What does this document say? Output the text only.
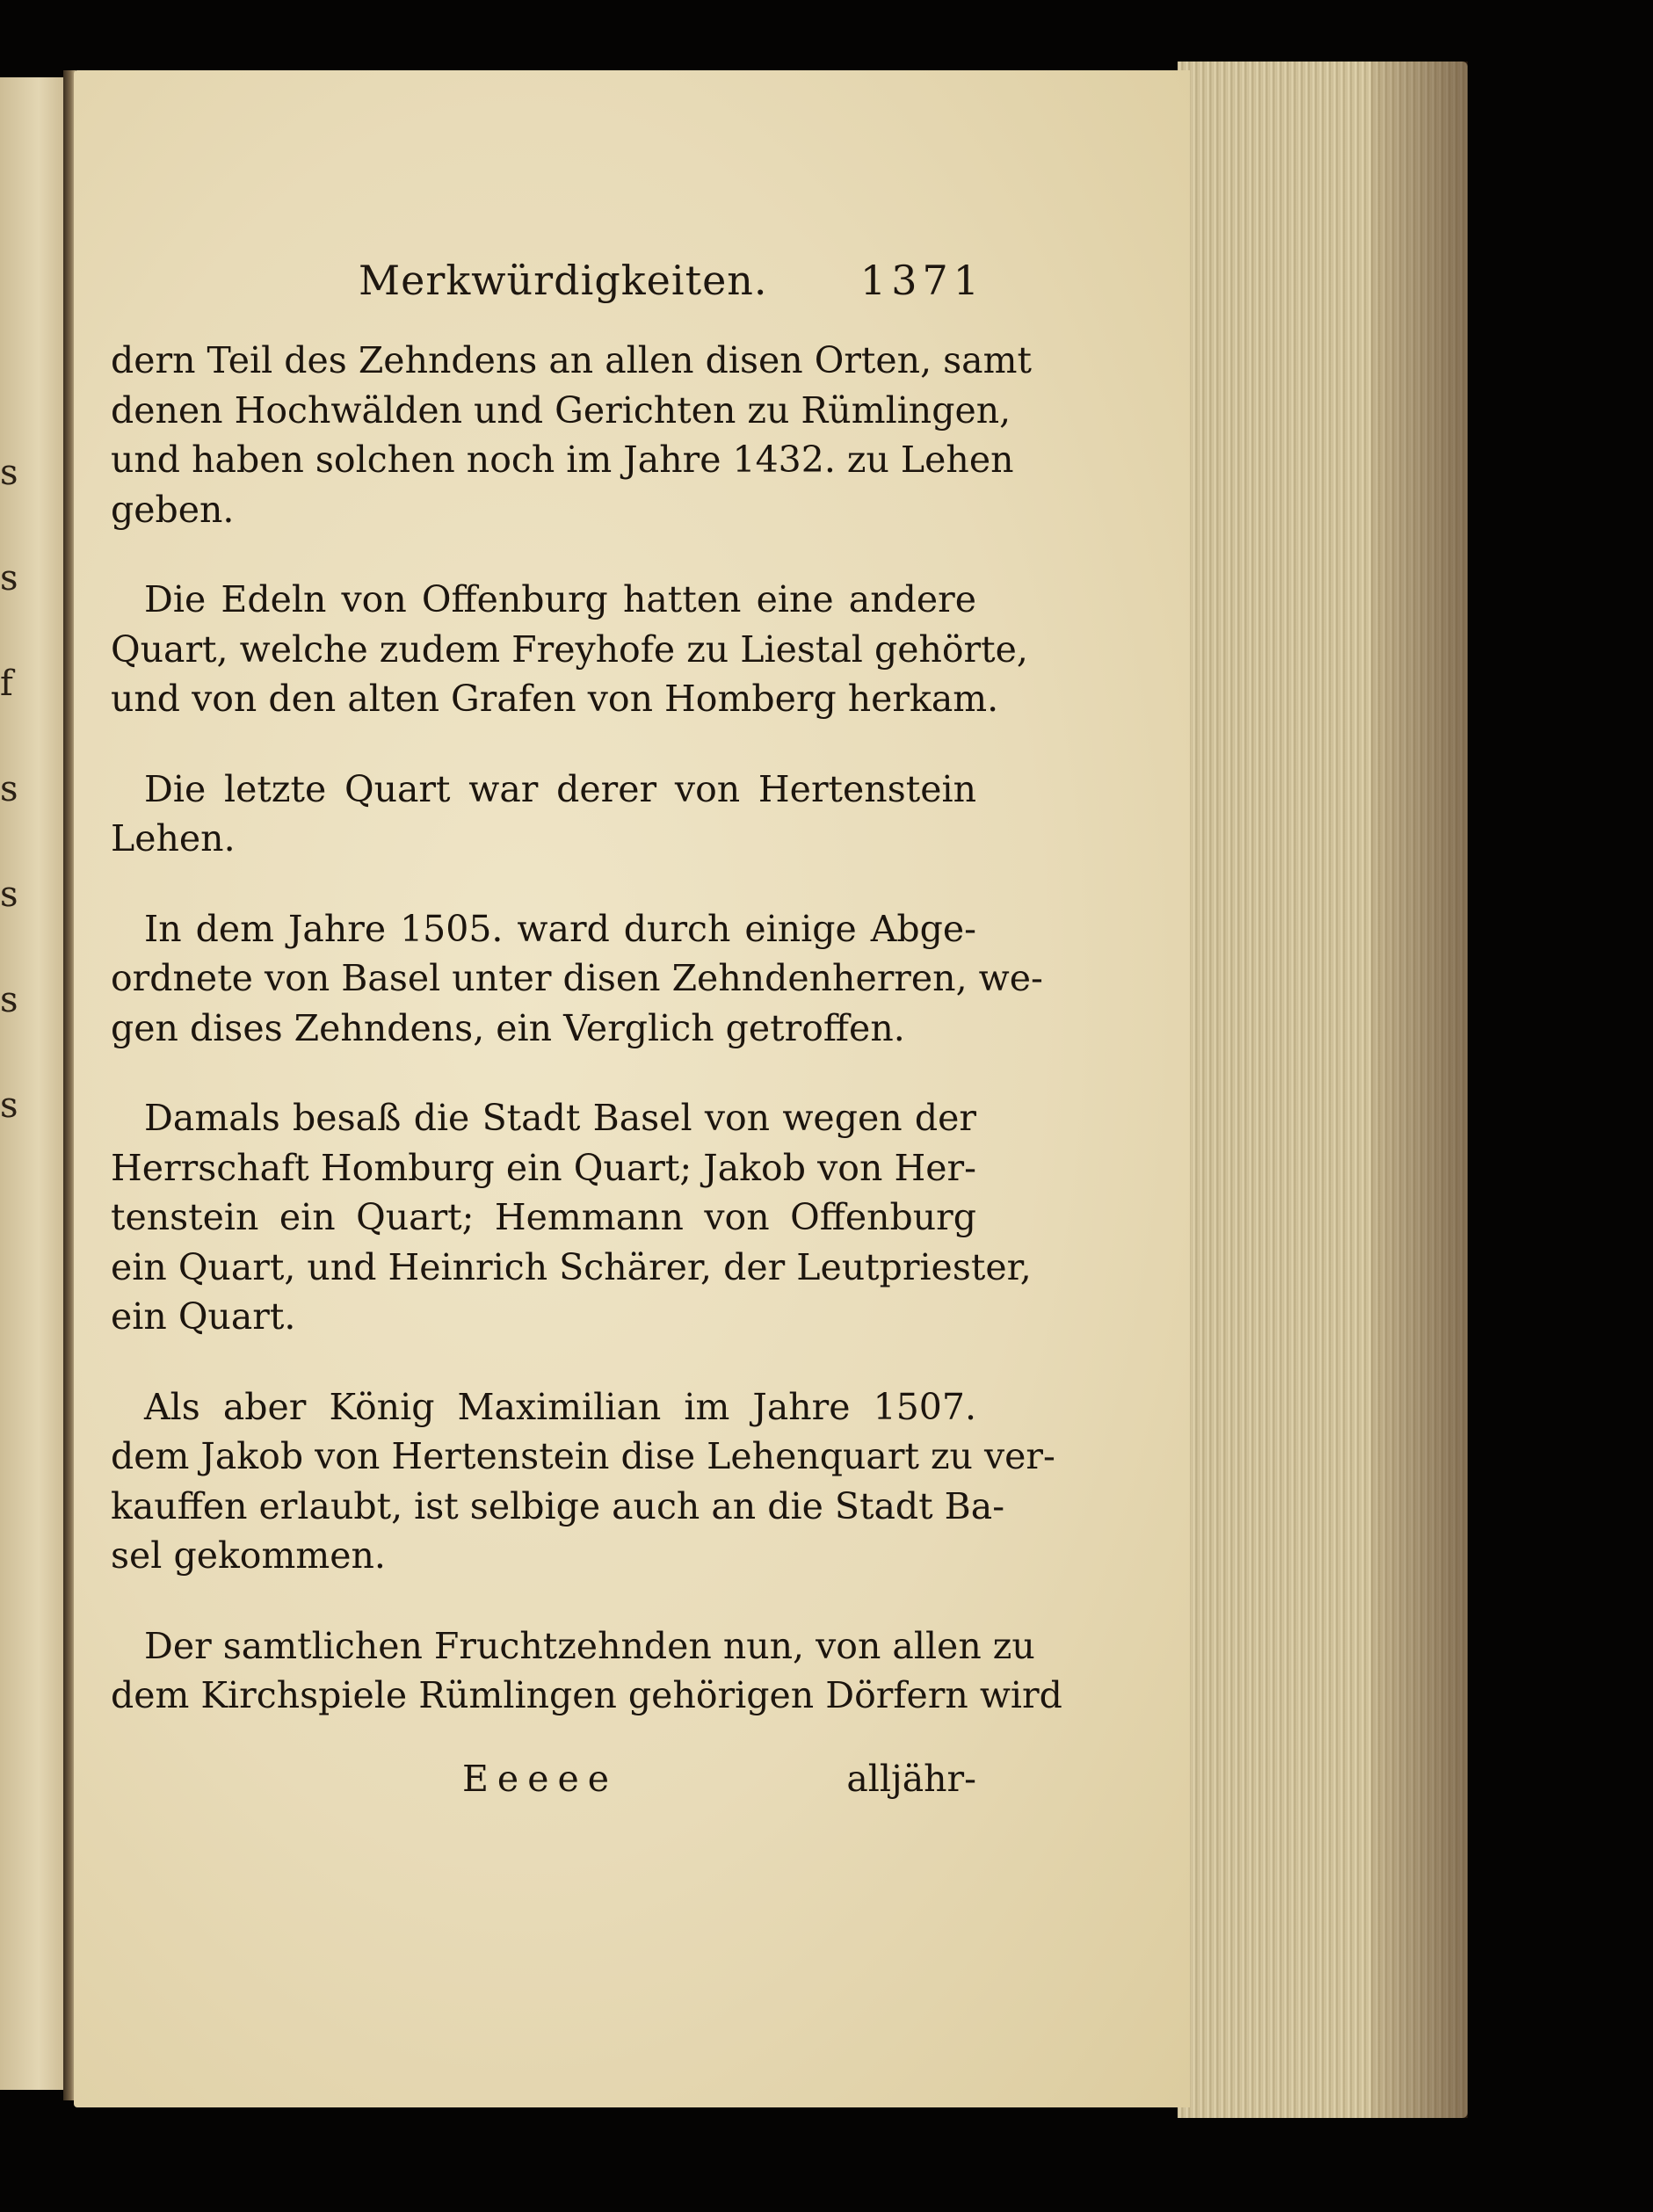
s
s
f
s
s
s
s
Merkwürdigkeiten. 1371
dern Teil des Zehndens an allen disen Orten, samt
denen Hochwälden und Gerichten zu Rümlingen,
und haben solchen noch im Jahre 1432. zu Lehen
geben.
Die Edeln von Offenburg hatten eine andere
Quart, welche zudem Freyhofe zu Liestal gehörte,
und von den alten Grafen von Homberg herkam.
Die letzte Quart war derer von Hertenstein
Lehen.
In dem Jahre 1505. ward durch einige Abge-
ordnete von Basel unter disen Zehndenherren, we-
gen dises Zehndens, ein Verglich getroffen.
Damals besaß die Stadt Basel von wegen der
Herrschaft Homburg ein Quart; Jakob von Her-
tenstein ein Quart; Hemmann von Offenburg
ein Quart, und Heinrich Schärer, der Leutpriester,
ein Quart.
Als aber König Maximilian im Jahre 1507.
dem Jakob von Hertenstein dise Lehenquart zu ver-
kauffen erlaubt, ist selbige auch an die Stadt Ba-
sel gekommen.
Der samtlichen Fruchtzehnden nun, von allen zu
dem Kirchspiele Rümlingen gehörigen Dörfern wird
Eeeee	alljähr-
